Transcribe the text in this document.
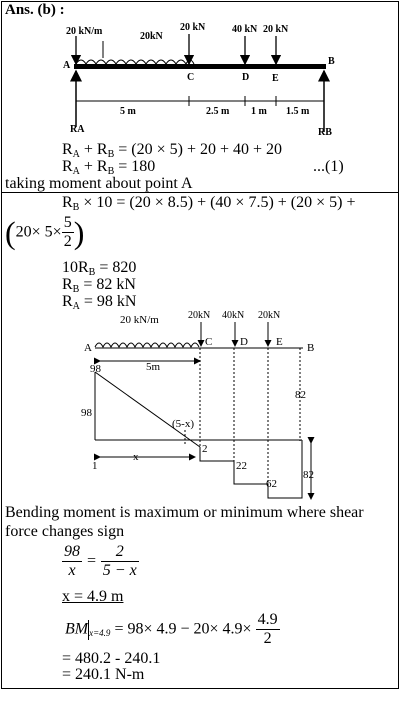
Ans. (b) :
20 kN/m	20kN
20 kN	40 kN 20 kN
A	B
C	D E
RA	RB
5 m	2.5 m 1 m 1.5 m
$R_A + R_B = (20 \times 5) + 20 + 40 + 20$
$R_A + R_B = 180$	...(1)
taking moment about point A
$R_B \times 10 = (20 \times 8.5) + (40 \times 7.5) + (20 \times 5)$ +
($20\times 5\times \frac{5}{2}$ )
$10R_B = 820$
$R_B = 82$ kN
$R_A = 98$ kN
20 kN/m	20kN 40kN 20kN
A	B
C	D	E
5m
98
98
82
82
(5-x)
x
2
22
62
1
Bending moment is maximum or minimum where shear
force changes sign
$\frac{98}{x} = \frac{2}{5 - x}$
x = 4.9 m
$BM_{x=4.9} = 98\times 4.9 - 20\times 4.9\times \frac{4.9}{2}$
= 480.2 - 240.1
= 240.1 N-m
